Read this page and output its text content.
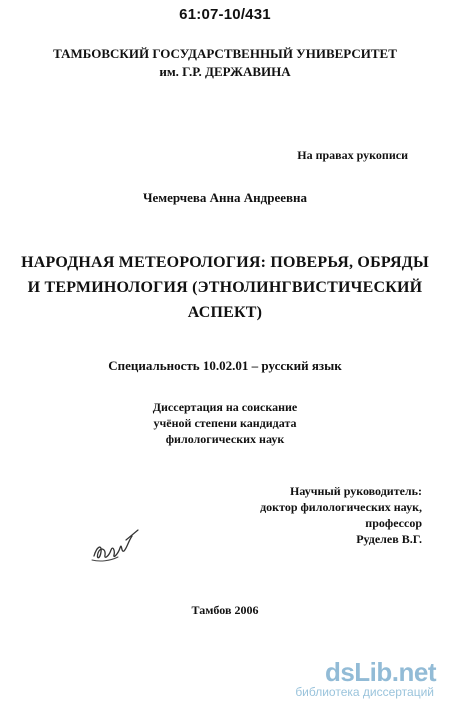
61:07-10/431
ТАМБОВСКИЙ ГОСУДАРСТВЕННЫЙ УНИВЕРСИТЕТ
им. Г.Р. ДЕРЖАВИНА
На правах рукописи
Чемерчева Анна Андреевна
НАРОДНАЯ МЕТЕОРОЛОГИЯ: ПОВЕРЬЯ, ОБРЯДЫ
И ТЕРМИНОЛОГИЯ (ЭТНОЛИНГВИСТИЧЕСКИЙ
АСПЕКТ)
Специальность 10.02.01 – русский язык
Диссертация на соискание
учёной степени кандидата
филологических наук
Научный руководитель:
доктор филологических наук,
профессор
Руделев В.Г.
Тамбов 2006
dsLib.net
библиотека диссертаций
